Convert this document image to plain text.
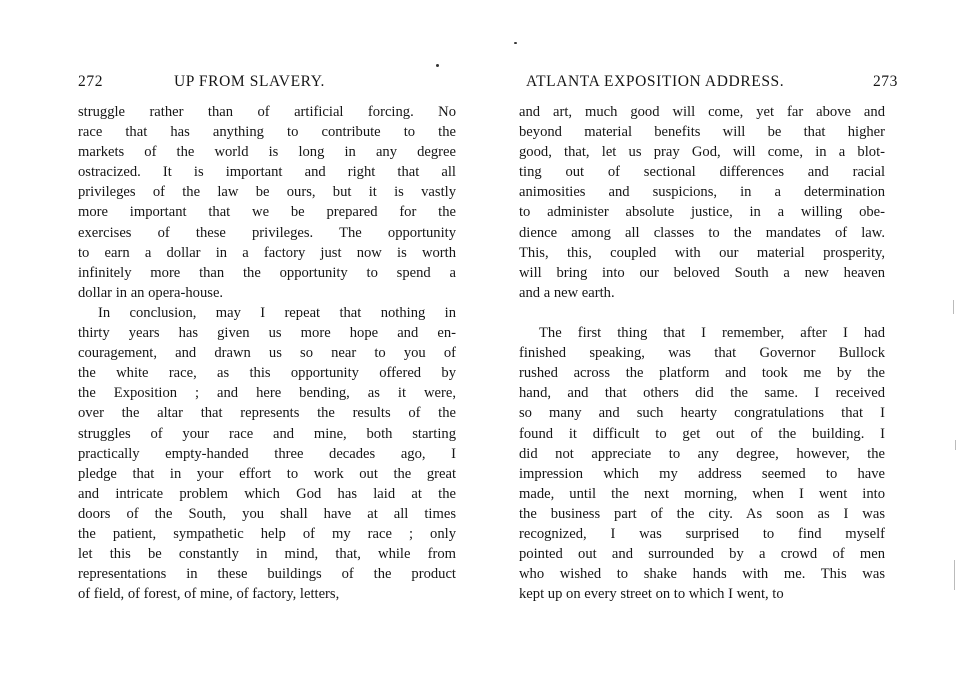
272	UP FROM SLAVERY.
struggle rather than of artificial forcing. No
race that has anything to contribute to the
markets of the world is long in any degree
ostracized. It is important and right that all
privileges of the law be ours, but it is vastly
more important that we be prepared for the
exercises of these privileges. The opportunity
to earn a dollar in a factory just now is worth
infinitely more than the opportunity to spend a
dollar in an opera-house.
In conclusion, may I repeat that nothing in
thirty years has given us more hope and en-
couragement, and drawn us so near to you of
the white race, as this opportunity offered by
the Exposition ; and here bending, as it were,
over the altar that represents the results of the
struggles of your race and mine, both starting
practically empty-handed three decades ago, I
pledge that in your effort to work out the great
and intricate problem which God has laid at the
doors of the South, you shall have at all times
the patient, sympathetic help of my race ; only
let this be constantly in mind, that, while from
representations in these buildings of the product
of field, of forest, of mine, of factory, letters,
ATLANTA EXPOSITION ADDRESS.	273
and art, much good will come, yet far above and
beyond material benefits will be that higher
good, that, let us pray God, will come, in a blot-
ting out of sectional differences and racial
animosities and suspicions, in a determination
to administer absolute justice, in a willing obe-
dience among all classes to the mandates of law.
This, this, coupled with our material prosperity,
will bring into our beloved South a new heaven
and a new earth.

The first thing that I remember, after I had
finished speaking, was that Governor Bullock
rushed across the platform and took me by the
hand, and that others did the same. I received
so many and such hearty congratulations that I
found it difficult to get out of the building. I
did not appreciate to any degree, however, the
impression which my address seemed to have
made, until the next morning, when I went into
the business part of the city. As soon as I was
recognized, I was surprised to find myself
pointed out and surrounded by a crowd of men
who wished to shake hands with me. This was
kept up on every street on to which I went, to
